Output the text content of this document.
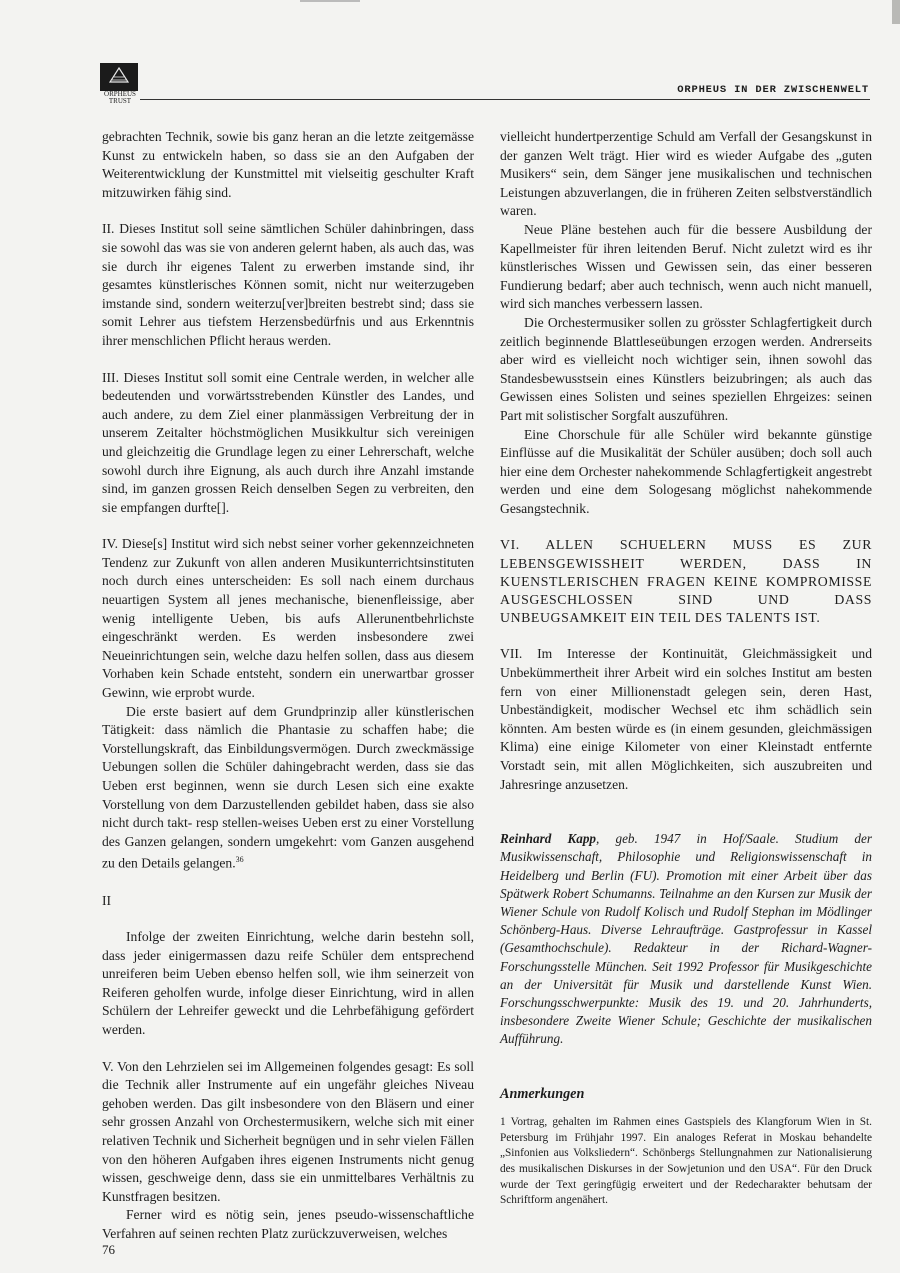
ORPHEUS TRUST
ORPHEUS IN DER ZWISCHENWELT

gebrachten Technik, sowie bis ganz heran an die letzte zeitgemässe Kunst zu entwickeln haben, so dass sie an den Aufgaben der Weiterentwicklung der Kunstmittel mit vielseitig geschulter Kraft mitzuwirken fähig sind.

II. Dieses Institut soll seine sämtlichen Schüler dahinbringen, dass sie sowohl das was sie von anderen gelernt haben, als auch das, was sie durch ihr eigenes Talent zu erwerben imstande sind, ihr gesamtes künstlerisches Können somit, nicht nur weiterzugeben imstande sind, sondern weiterzu[ver]breiten bestrebt sind; dass sie somit Lehrer aus tiefstem Herzensbedürfnis und aus Erkenntnis ihrer menschlichen Pflicht heraus werden.

III. Dieses Institut soll somit eine Centrale werden, in welcher alle bedeutenden und vorwärtsstrebenden Künstler des Landes, und auch andere, zu dem Ziel einer planmässigen Verbreitung der in unserem Zeitalter höchstmöglichen Musikkultur sich vereinigen und gleichzeitig die Grundlage legen zu einer Lehrerschaft, welche sowohl durch ihre Eignung, als auch durch ihre Anzahl imstande sind, im ganzen grossen Reich denselben Segen zu verbreiten, den sie empfangen durfte[].

IV. Diese[s] Institut wird sich nebst seiner vorher gekennzeichneten Tendenz zur Zukunft von allen anderen Musikunterrichtsinstituten noch durch eines unterscheiden: Es soll nach einem durchaus neuartigen System all jenes mechanische, bienenfleissige, aber wenig intelligente Ueben, bis aufs Allerunentbehrlichste eingeschränkt werden. Es werden insbesondere zwei Neueinrichtungen sein, welche dazu helfen sollen, dass aus diesem Vorhaben kein Schade entsteht, sondern ein unerwartbar grosser Gewinn, wie erprobt wurde.

Die erste basiert auf dem Grundprinzip aller künstlerischen Tätigkeit: dass nämlich die Phantasie zu schaffen habe; die Vorstellungskraft, das Einbildungsvermögen. Durch zweckmässige Uebungen sollen die Schüler dahingebracht werden, dass sie das Ueben erst beginnen, wenn sie durch Lesen sich eine exakte Vorstellung von dem Darzustellenden gebildet haben, dass sie also nicht durch takt- resp stellen-weises Ueben erst zu einer Vorstellung des Ganzen gelangen, sondern umgekehrt: vom Ganzen ausgehend zu den Details gelangen.$^{36}$

II

Infolge der zweiten Einrichtung, welche darin bestehn soll, dass jeder einigermassen dazu reife Schüler dem entsprechend unreiferen beim Ueben ebenso helfen soll, wie ihm seinerzeit von Reiferen geholfen wurde, infolge dieser Einrichtung, wird in allen Schülern der Lehreifer geweckt und die Lehrbefähigung gefördert werden.

V. Von den Lehrzielen sei im Allgemeinen folgendes gesagt: Es soll die Technik aller Instrumente auf ein ungefähr gleiches Niveau gehoben werden. Das gilt insbesondere von den Bläsern und einer sehr grossen Anzahl von Orchestermusikern, welche sich mit einer relativen Technik und Sicherheit begnügen und in sehr vielen Fällen von den höheren Aufgaben ihres eigenen Instruments nicht genug wissen, geschweige denn, dass sie ein unmittelbares Verhältnis zu Kunstfragen besitzen.

Ferner wird es nötig sein, jenes pseudo-wissenschaftliche Verfahren auf seinen rechten Platz zurückzuverweisen, welches

vielleicht hundertperzentige Schuld am Verfall der Gesangskunst in der ganzen Welt trägt. Hier wird es wieder Aufgabe des „guten Musikers“ sein, dem Sänger jene musikalischen und technischen Leistungen abzuverlangen, die in früheren Zeiten selbstverständlich waren.

Neue Pläne bestehen auch für die bessere Ausbildung der Kapellmeister für ihren leitenden Beruf. Nicht zuletzt wird es ihr künstlerisches Wissen und Gewissen sein, das einer besseren Fundierung bedarf; aber auch technisch, wenn auch nicht manuell, wird sich manches verbessern lassen.

Die Orchestermusiker sollen zu grösster Schlagfertigkeit durch zeitlich beginnende Blattleseübungen erzogen werden. Andrerseits aber wird es vielleicht noch wichtiger sein, ihnen sowohl das Standesbewusstsein eines Künstlers beizubringen; als auch das Gewissen eines Solisten und seines speziellen Ehrgeizes: seinen Part mit solistischer Sorgfalt auszuführen.

Eine Chorschule für alle Schüler wird bekannte günstige Einflüsse auf die Musikalität der Schüler ausüben; doch soll auch hier eine dem Orchester nahekommende Schlagfertigkeit angestrebt werden und eine dem Sologesang möglichst nahekommende Gesangstechnik.

VI. ALLEN SCHUELERN MUSS ES ZUR LEBENSGEWISSHEIT WERDEN, DASS IN KUENSTLERISCHEN FRAGEN KEINE KOMPROMISSE AUSGESCHLOSSEN SIND UND DASS UNBEUGSAMKEIT EIN TEIL DES TALENTS IST.

VII. Im Interesse der Kontinuität, Gleichmässigkeit und Unbekümmertheit ihrer Arbeit wird ein solches Institut am besten fern von einer Millionenstadt gelegen sein, deren Hast, Unbeständigkeit, modischer Wechsel etc ihm schädlich sein könnten. Am besten würde es (in einem gesunden, gleichmässigen Klima) eine einige Kilometer von einer Kleinstadt entfernte Vorstadt sein, mit allen Möglichkeiten, sich auszubreiten und Jahresringe anzusetzen.

Reinhard Kapp, geb. 1947 in Hof/Saale. Studium der Musikwissenschaft, Philosophie und Religionswissenschaft in Heidelberg und Berlin (FU). Promotion mit einer Arbeit über das Spätwerk Robert Schumanns. Teilnahme an den Kursen zur Musik der Wiener Schule von Rudolf Kolisch und Rudolf Stephan im Mödlinger Schönberg-Haus. Diverse Lehraufträge. Gastprofessur in Kassel (Gesamthochschule). Redakteur in der Richard-Wagner-Forschungsstelle München. Seit 1992 Professor für Musikgeschichte an der Universität für Musik und darstellende Kunst Wien. Forschungsschwerpunkte: Musik des 19. und 20. Jahrhunderts, insbesondere Zweite Wiener Schule; Geschichte der musikalischen Aufführung.

Anmerkungen

1 Vortrag, gehalten im Rahmen eines Gastspiels des Klangforum Wien in St. Petersburg im Frühjahr 1997. Ein analoges Referat in Moskau behandelte „Sinfonien aus Volksliedern“. Schönbergs Stellungnahmen zur Nationalisierung des musikalischen Diskurses in der Sowjetunion und den USA“. Für den Druck wurde der Text geringfügig erweitert und der Redecharakter behutsam der Schriftform angenähert.

76
